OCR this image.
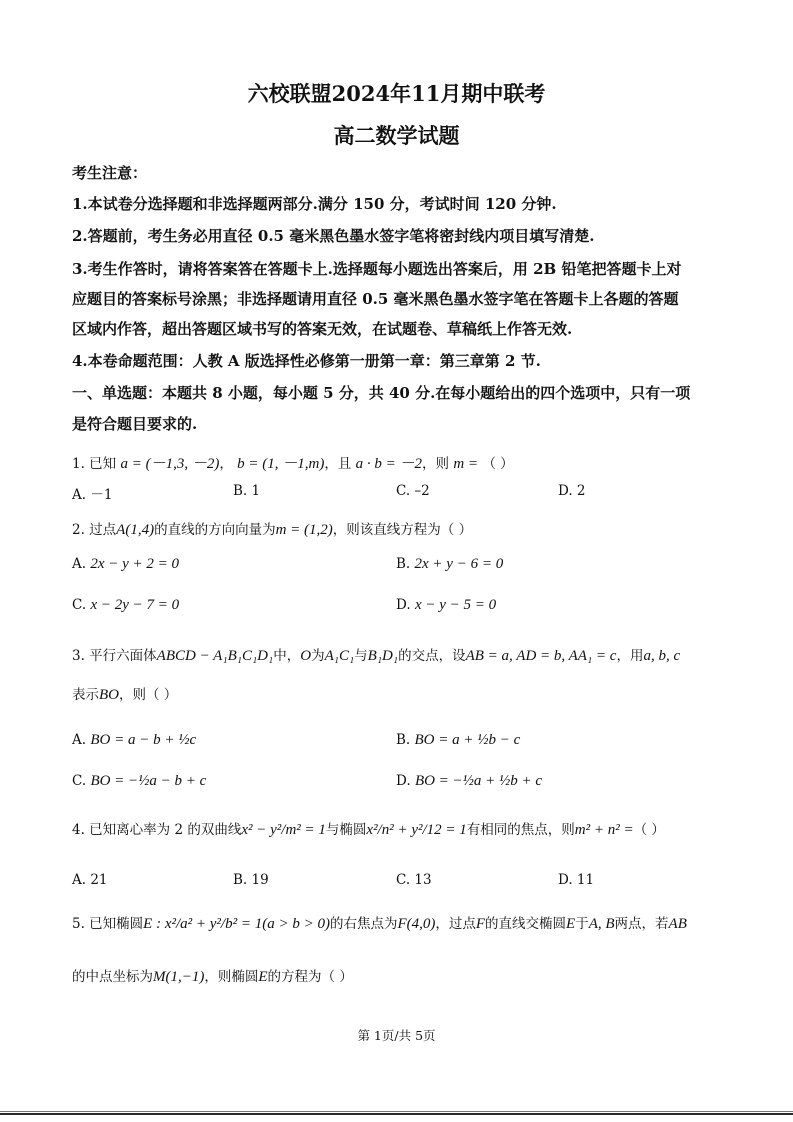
六校联盟2024年11月期中联考
高二数学试题
考生注意：
1.本试卷分选择题和非选择题两部分.满分 150 分，考试时间 120 分钟.
2.答题前，考生务必用直径 0.5 毫米黑色墨水签字笔将密封线内项目填写清楚.
3.考生作答时，请将答案答在答题卡上.选择题每小题选出答案后，用 2B 铅笔把答题卡上对
应题目的答案标号涂黑；非选择题请用直径 0.5 毫米黑色墨水签字笔在答题卡上各题的答题
区域内作答，超出答题区域书写的答案无效，在试题卷、草稿纸上作答无效.
4.本卷命题范围：人教 A 版选择性必修第一册第一章：第三章第 2 节.
一、单选题：本题共 8 小题，每小题 5 分，共 40 分.在每小题给出的四个选项中，只有一项
是符合题目要求的.
1. 已知 a = (－1,3, －2)， b = (1, －1,m)，且 a · b = －2，则 m = （ ）
A. －1	B. 1	C. –2	D. 2
2. 过点A(1,4)的直线的方向向量为m = (1,2)，则该直线方程为（ ）
A. 2x − y + 2 = 0	B. 2x + y − 6 = 0
C. x − 2y − 7 = 0	D. x − y − 5 = 0
3. 平行六面体ABCD − A₁B₁C₁D₁中，O为A₁C₁与B₁D₁的交点，设AB = a, AD = b, AA₁ = c，用a, b, c
表示BO，则（ ）
A. BO = a − b + ½c	B. BO = a + ½b − c
C. BO = −½a − b + c	D. BO = −½a + ½b + c
4. 已知离心率为 2 的双曲线x² − y²/m² = 1与椭圆x²/n² + y²/12 = 1有相同的焦点，则m² + n² =（ ）
A. 21	B. 19	C. 13	D. 11
5. 已知椭圆E : x²/a² + y²/b² = 1(a > b > 0)的右焦点为F(4,0)，过点F的直线交椭圆E于A, B两点，若AB
的中点坐标为M(1,−1)，则椭圆E的方程为（ ）
第 1页/共 5页
